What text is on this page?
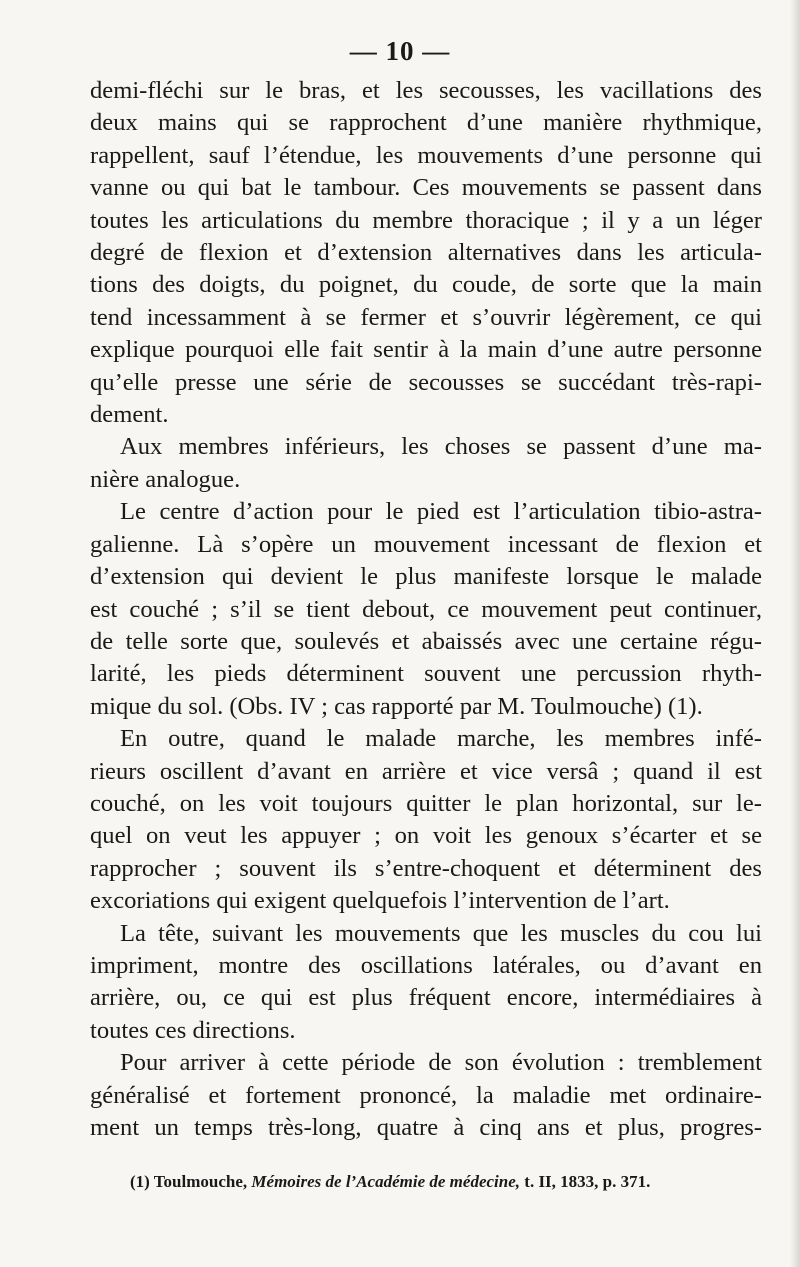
— 10 —
demi-fléchi sur le bras, et les secousses, les vacillations des
deux mains qui se rapprochent d’une manière rhythmique,
rappellent, sauf l’étendue, les mouvements d’une personne qui
vanne ou qui bat le tambour. Ces mouvements se passent dans
toutes les articulations du membre thoracique ; il y a un léger
degré de flexion et d’extension alternatives dans les articula-
tions des doigts, du poignet, du coude, de sorte que la main
tend incessamment à se fermer et s’ouvrir légèrement, ce qui
explique pourquoi elle fait sentir à la main d’une autre personne
qu’elle presse une série de secousses se succédant très-rapi-
dement.
Aux membres inférieurs, les choses se passent d’une ma-
nière analogue.
Le centre d’action pour le pied est l’articulation tibio-astra-
galienne. Là s’opère un mouvement incessant de flexion et
d’extension qui devient le plus manifeste lorsque le malade
est couché ; s’il se tient debout, ce mouvement peut continuer,
de telle sorte que, soulevés et abaissés avec une certaine régu-
larité, les pieds déterminent souvent une percussion rhyth-
mique du sol. (Obs. IV ; cas rapporté par M. Toulmouche) (1).
En outre, quand le malade marche, les membres infé-
rieurs oscillent d’avant en arrière et vice versâ ; quand il est
couché, on les voit toujours quitter le plan horizontal, sur le-
quel on veut les appuyer ; on voit les genoux s’écarter et se
rapprocher ; souvent ils s’entre-choquent et déterminent des
excoriations qui exigent quelquefois l’intervention de l’art.
La tête, suivant les mouvements que les muscles du cou lui
impriment, montre des oscillations latérales, ou d’avant en
arrière, ou, ce qui est plus fréquent encore, intermédiaires à
toutes ces directions.
Pour arriver à cette période de son évolution : tremblement
généralisé et fortement prononcé, la maladie met ordinaire-
ment un temps très-long, quatre à cinq ans et plus, progres-
(1) Toulmouche, Mémoires de l’Académie de médecine, t. II, 1833, p. 371.
